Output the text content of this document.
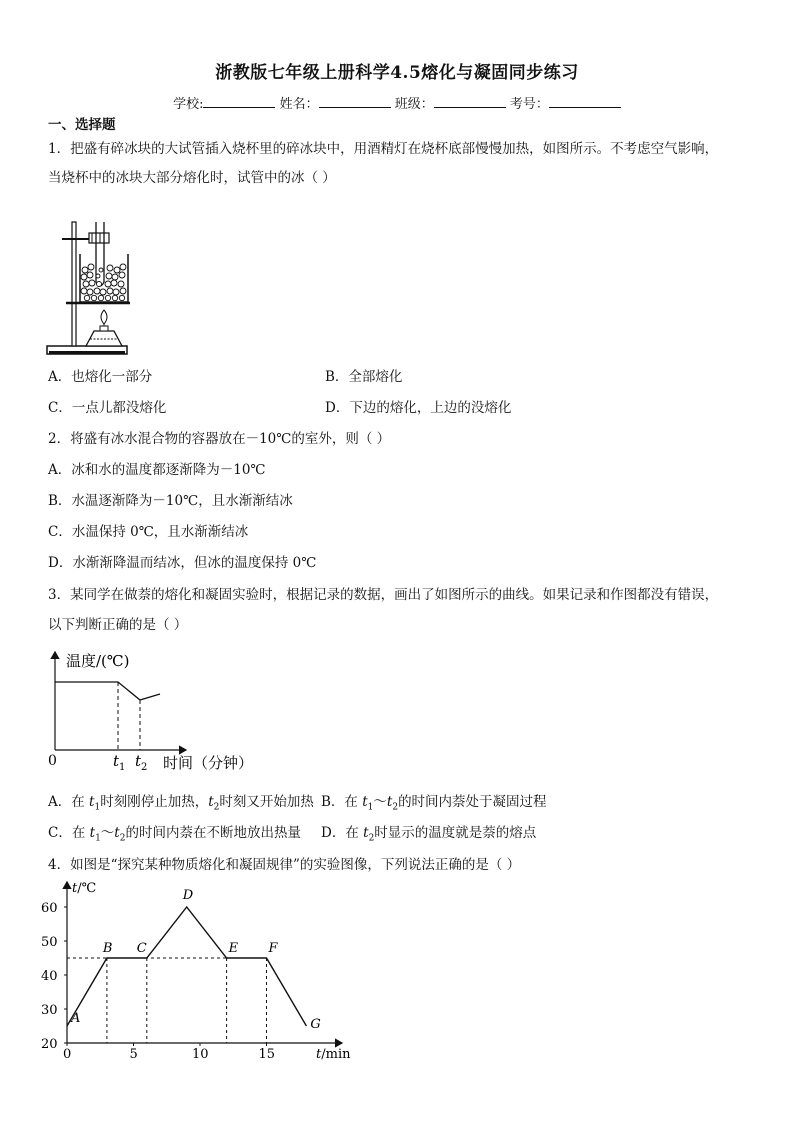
浙教版七年级上册科学4.5熔化与凝固同步练习
学校:	姓名：	班级：	考号：
一、选择题
1．把盛有碎冰块的大试管插入烧杯里的碎冰块中，用酒精灯在烧杯底部慢慢加热，如图所示。不考虑空气影响，
当烧杯中的冰块大部分熔化时，试管中的冰（ ）
A．也熔化一部分	B．全部熔化
C．一点儿都没熔化	D．下边的熔化，上边的没熔化
2．将盛有冰水混合物的容器放在－10℃的室外，则（ ）
A．冰和水的温度都逐渐降为－10℃
B．水温逐渐降为－10℃，且水渐渐结冰
C．水温保持 0℃，且水渐渐结冰
D．水渐渐降温而结冰，但冰的温度保持 0℃
3．某同学在做萘的熔化和凝固实验时，根据记录的数据，画出了如图所示的曲线。如果记录和作图都没有错误，
以下判断正确的是（ ）
温度/(℃)
0	$t_1$ $t_2$ 时间（分钟）
A．在 $t_1$时刻刚停止加热，$t_2$时刻又开始加热 B．在 $t_1\sim t_2$的时间内萘处于凝固过程
C．在 $t_1\sim t_2$的时间内萘在不断地放出热量 D．在 $t_2$时显示的温度就是萘的熔点
4．如图是“探究某种物质熔化和凝固规律”的实验图像，下列说法正确的是（ ）
t/℃
t/min
20
30
40
50
60
0	5	10	15
A
B C
D
E F
G
